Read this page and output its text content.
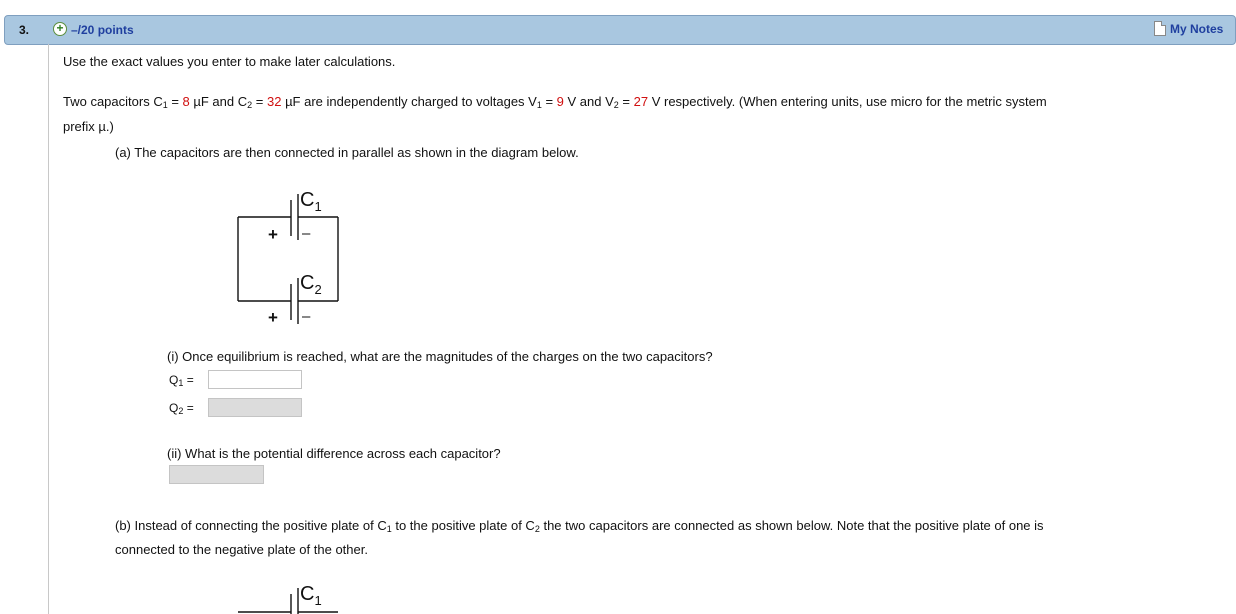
3. + –/20 points	My Notes
Use the exact values you enter to make later calculations.
Two capacitors $C_1 = 8$ µF and $C_2 = 32$ µF are independently charged to voltages $V_1 = 9$ V and $V_2 = 27$ V respectively. (When entering units, use micro for the metric system
prefix µ.)
(a) The capacitors are then connected in parallel as shown in the diagram below.
$C_1$
$C_2$
+ –
+ –
(i) Once equilibrium is reached, what are the magnitudes of the charges on the two capacitors?
$Q_1$ =
$Q_2$ =
(ii) What is the potential difference across each capacitor?
(b) Instead of connecting the positive plate of $C_1$ to the positive plate of $C_2$ the two capacitors are connected as shown below. Note that the positive plate of one is
connected to the negative plate of the other.
$C_1$
